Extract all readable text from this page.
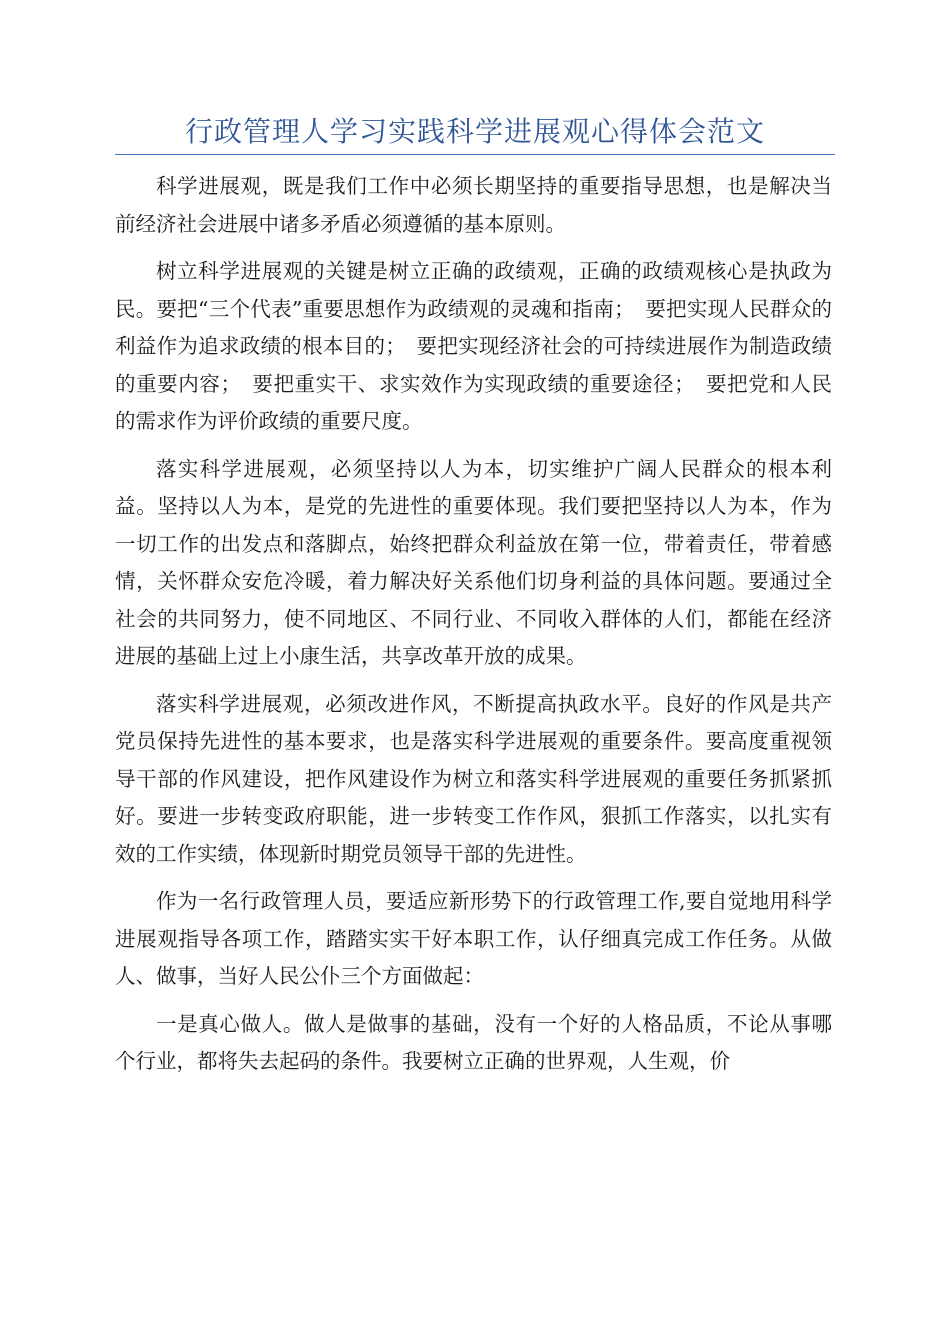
行政管理人学习实践科学进展观心得体会范文

科学进展观，既是我们工作中必须长期坚持的重要指导思想，也是解决当前经济社会进展中诸多矛盾必须遵循的基本原则。

树立科学进展观的关键是树立正确的政绩观，正确的政绩观核心是执政为民。要把“三个代表”重要思想作为政绩观的灵魂和指南；　要把实现人民群众的利益作为追求政绩的根本目的；　要把实现经济社会的可持续进展作为制造政绩的重要内容；　要把重实干、求实效作为实现政绩的重要途径；　要把党和人民的需求作为评价政绩的重要尺度。

落实科学进展观，必须坚持以人为本，切实维护广阔人民群众的根本利益。坚持以人为本，是党的先进性的重要体现。我们要把坚持以人为本，作为一切工作的出发点和落脚点，始终把群众利益放在第一位，带着责任，带着感情，关怀群众安危冷暖，着力解决好关系他们切身利益的具体问题。要通过全社会的共同努力，使不同地区、不同行业、不同收入群体的人们，都能在经济进展的基础上过上小康生活，共享改革开放的成果。

落实科学进展观，必须改进作风，不断提高执政水平。良好的作风是共产党员保持先进性的基本要求，也是落实科学进展观的重要条件。要高度重视领导干部的作风建设，把作风建设作为树立和落实科学进展观的重要任务抓紧抓好。要进一步转变政府职能，进一步转变工作作风，狠抓工作落实，以扎实有效的工作实绩，体现新时期党员领导干部的先进性。

作为一名行政管理人员，要适应新形势下的行政管理工作,要自觉地用科学进展观指导各项工作，踏踏实实干好本职工作，认仔细真完成工作任务。从做人、做事，当好人民公仆三个方面做起：

一是真心做人。做人是做事的基础，没有一个好的人格品质，不论从事哪个行业，都将失去起码的条件。我要树立正确的世界观，人生观，价
